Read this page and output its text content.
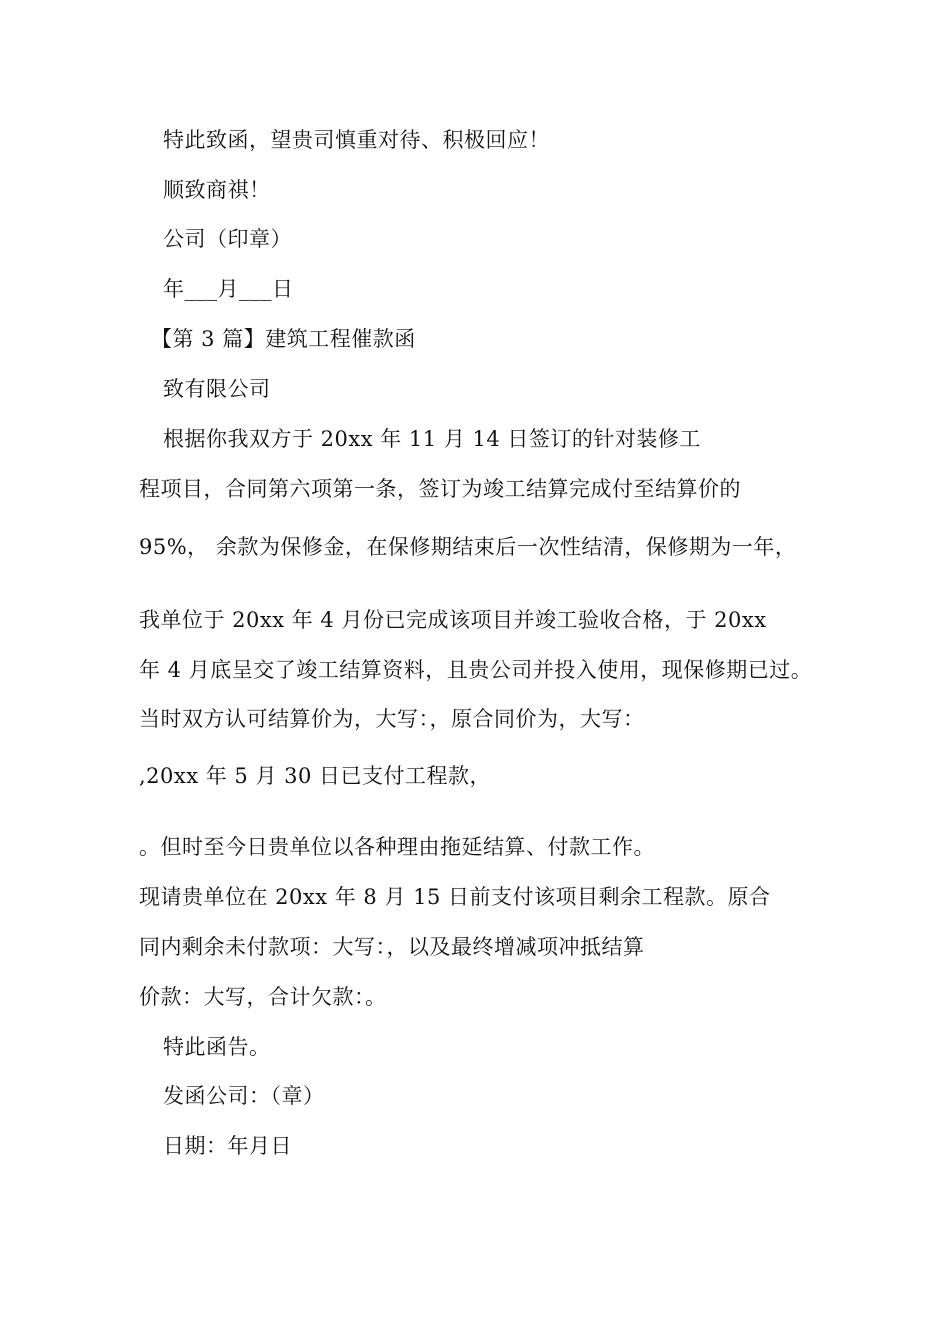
特此致函，望贵司慎重对待、积极回应！
顺致商祺！
公司（印章）
年___月___日
【第 3 篇】建筑工程催款函
致有限公司
根据你我双方于 20xx 年 11 月 14 日签订的针对装修工
程项目，合同第六项第一条，签订为竣工结算完成付至结算价的
95%， 余款为保修金，在保修期结束后一次性结清，保修期为一年，
我单位于 20xx 年 4 月份已完成该项目并竣工验收合格，于 20xx
年 4 月底呈交了竣工结算资料，且贵公司并投入使用，现保修期已过。
当时双方认可结算价为，大写：，原合同价为，大写：
,20xx 年 5 月 30 日已支付工程款，
。但时至今日贵单位以各种理由拖延结算、付款工作。
现请贵单位在 20xx 年 8 月 15 日前支付该项目剩余工程款。原合
同内剩余未付款项：大写：，以及最终增减项冲抵结算
价款：大写，合计欠款：。
特此函告。
发函公司：（章）
日期：年月日
